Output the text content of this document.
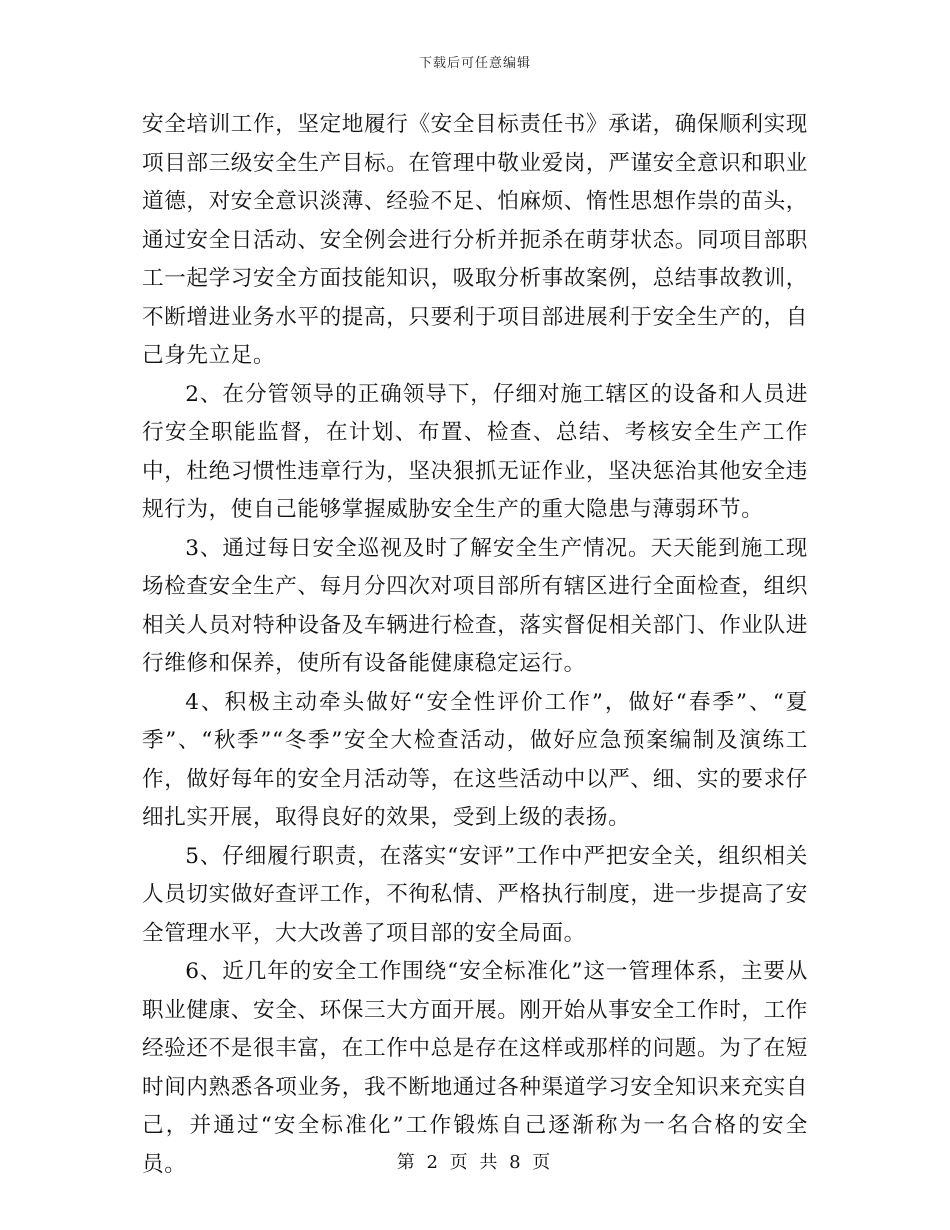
下载后可任意编辑

安全培训工作，坚定地履行《安全目标责任书》承诺，确保顺利实现项目部三级安全生产目标。在管理中敬业爱岗，严谨安全意识和职业道德，对安全意识淡薄、经验不足、怕麻烦、惰性思想作祟的苗头，通过安全日活动、安全例会进行分析并扼杀在萌芽状态。同项目部职工一起学习安全方面技能知识，吸取分析事故案例，总结事故教训，不断增进业务水平的提高，只要利于项目部进展利于安全生产的，自己身先立足。

2、在分管领导的正确领导下，仔细对施工辖区的设备和人员进行安全职能监督，在计划、布置、检查、总结、考核安全生产工作中，杜绝习惯性违章行为，坚决狠抓无证作业，坚决惩治其他安全违规行为，使自己能够掌握威胁安全生产的重大隐患与薄弱环节。

3、通过每日安全巡视及时了解安全生产情况。天天能到施工现场检查安全生产、每月分四次对项目部所有辖区进行全面检查，组织相关人员对特种设备及车辆进行检查，落实督促相关部门、作业队进行维修和保养，使所有设备能健康稳定运行。

4、积极主动牵头做好“安全性评价工作”，做好“春季”、“夏季”、“秋季”“冬季”安全大检查活动，做好应急预案编制及演练工作，做好每年的安全月活动等，在这些活动中以严、细、实的要求仔细扎实开展，取得良好的效果，受到上级的表扬。

5、仔细履行职责，在落实“安评”工作中严把安全关，组织相关人员切实做好查评工作，不徇私情、严格执行制度，进一步提高了安全管理水平，大大改善了项目部的安全局面。

6、近几年的安全工作围绕“安全标准化”这一管理体系，主要从职业健康、安全、环保三大方面开展。刚开始从事安全工作时，工作经验还不是很丰富，在工作中总是存在这样或那样的问题。为了在短时间内熟悉各项业务，我不断地通过各种渠道学习安全知识来充实自己，并通过“安全标准化”工作锻炼自己逐渐称为一名合格的安全员。	第 2 页 共 8 页
